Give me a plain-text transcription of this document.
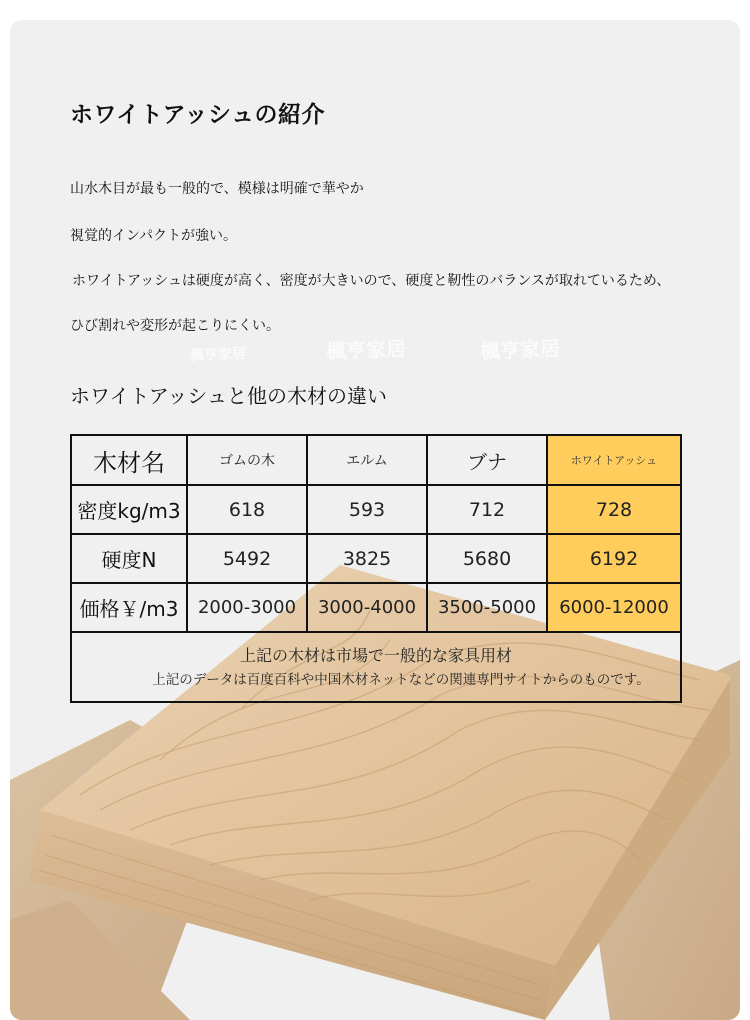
楓亨家居	楓亨家居
楓亨家居
ホワイトアッシュの紹介
山水木目が最も一般的で、模様は明確で華やか
視覚的インパクトが強い。
ホワイトアッシュは硬度が高く、密度が大きいので、硬度と靭性のバランスが取れているため、
ひび割れや変形が起こりにくい。
ホワイトアッシュと他の木材の違い
木材名	ゴムの木	エルム	ブナ	ホワイトアッシュ
密度kg/m3	618	593	712	728
硬度N	5492	3825	5680	6192
価格￥/m3	2000-3000	3000-4000	3500-5000	6000-12000

上記の木材は市場で一般的な家具用材
上記のデータは百度百科や中国木材ネットなどの関連専門サイトからのものです。				
